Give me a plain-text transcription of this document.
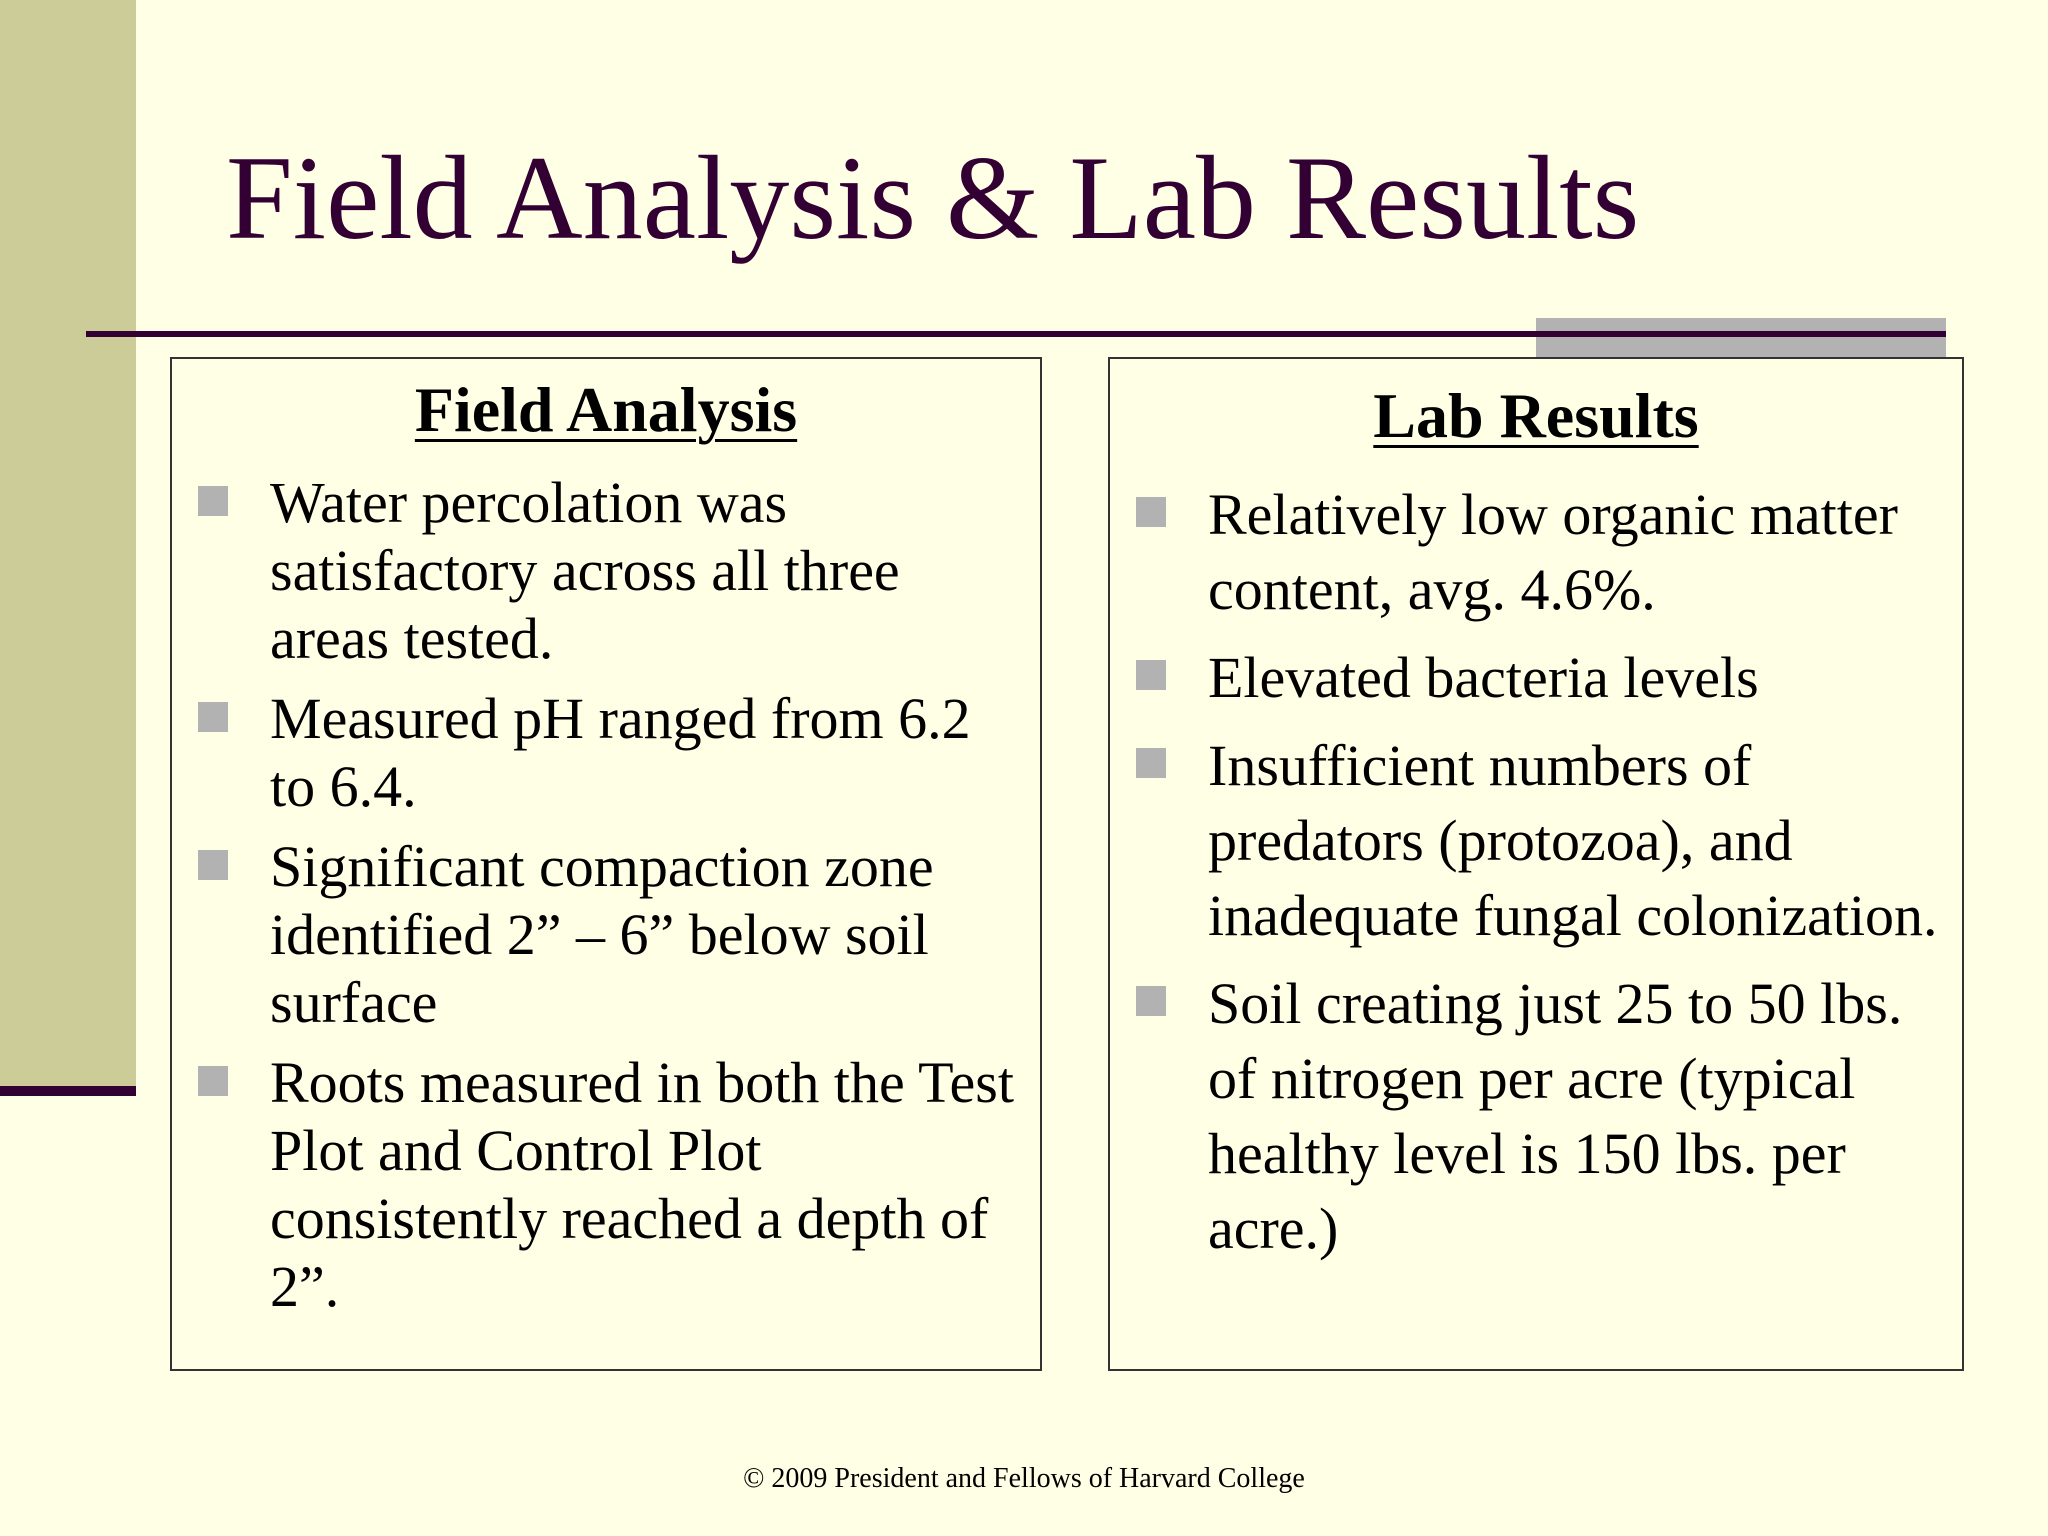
Field Analysis & Lab Results
Field Analysis
Water percolation was satisfactory across all three areas tested.
Measured pH ranged from 6.2 to 6.4.
Significant compaction zone identified 2” – 6” below soil surface
Roots measured in both the Test Plot and Control Plot consistently reached a depth of 2”.
Lab Results
Relatively low organic matter content, avg. 4.6%.
Elevated bacteria levels
Insufficient numbers of predators (protozoa), and inadequate fungal colonization.
Soil creating just 25 to 50 lbs. of nitrogen per acre (typical healthy level is 150 lbs. per acre.)
© 2009 President and Fellows of Harvard College
